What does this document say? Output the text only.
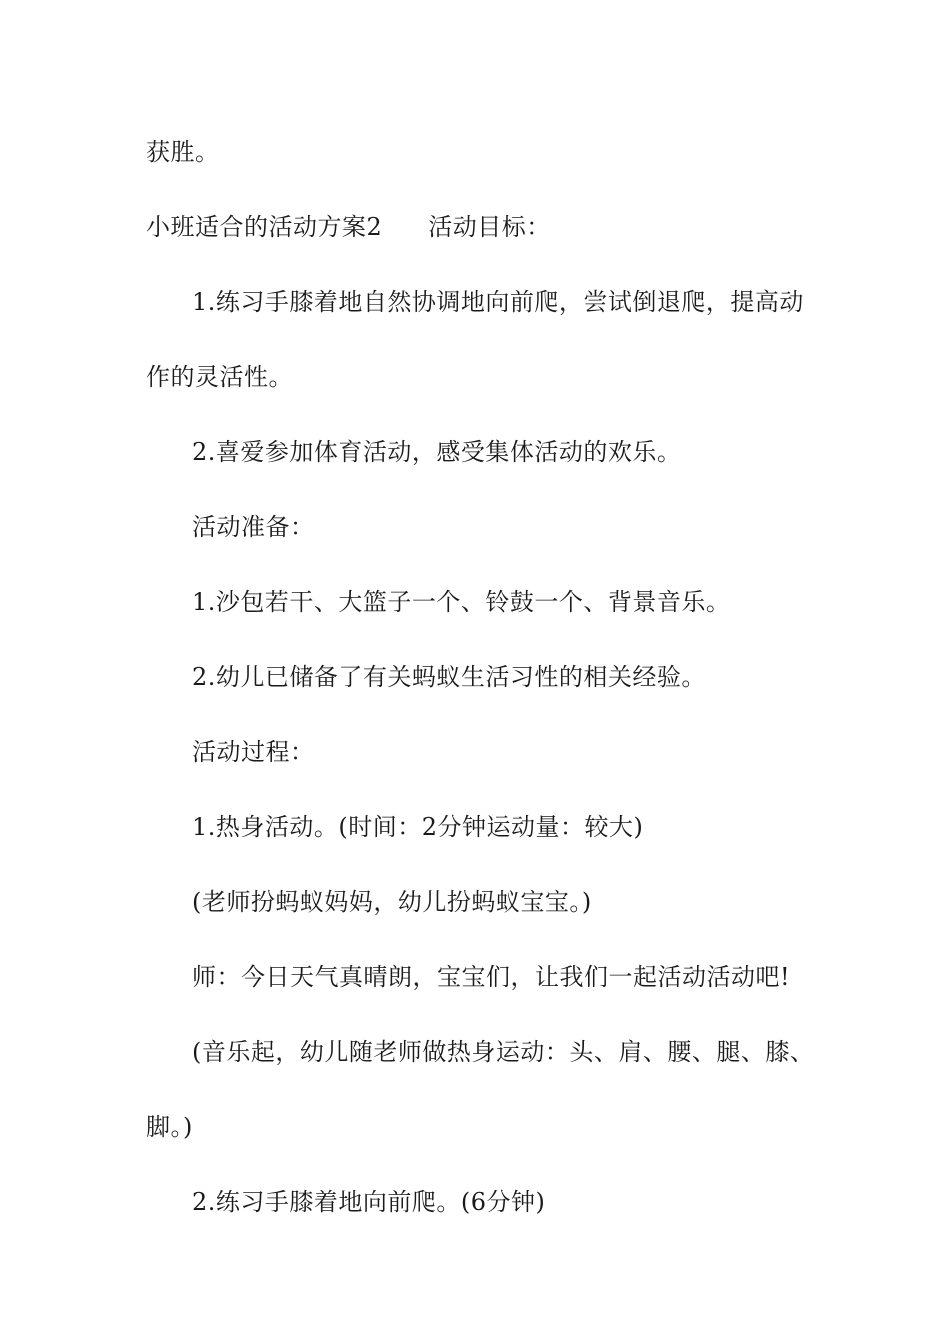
获胜。
小班适合的活动方案2 活动目标：
1.练习手膝着地自然协调地向前爬，尝试倒退爬，提高动
作的灵活性。
2.喜爱参加体育活动，感受集体活动的欢乐。
活动准备：
1.沙包若干、大篮子一个、铃鼓一个、背景音乐。
2.幼儿已储备了有关蚂蚁生活习性的相关经验。
活动过程：
1.热身活动。(时间：2分钟运动量：较大)
(老师扮蚂蚁妈妈，幼儿扮蚂蚁宝宝。)
师：今日天气真晴朗，宝宝们，让我们一起活动活动吧!
(音乐起，幼儿随老师做热身运动：头、肩、腰、腿、膝、
脚。)
2.练习手膝着地向前爬。(6分钟)
